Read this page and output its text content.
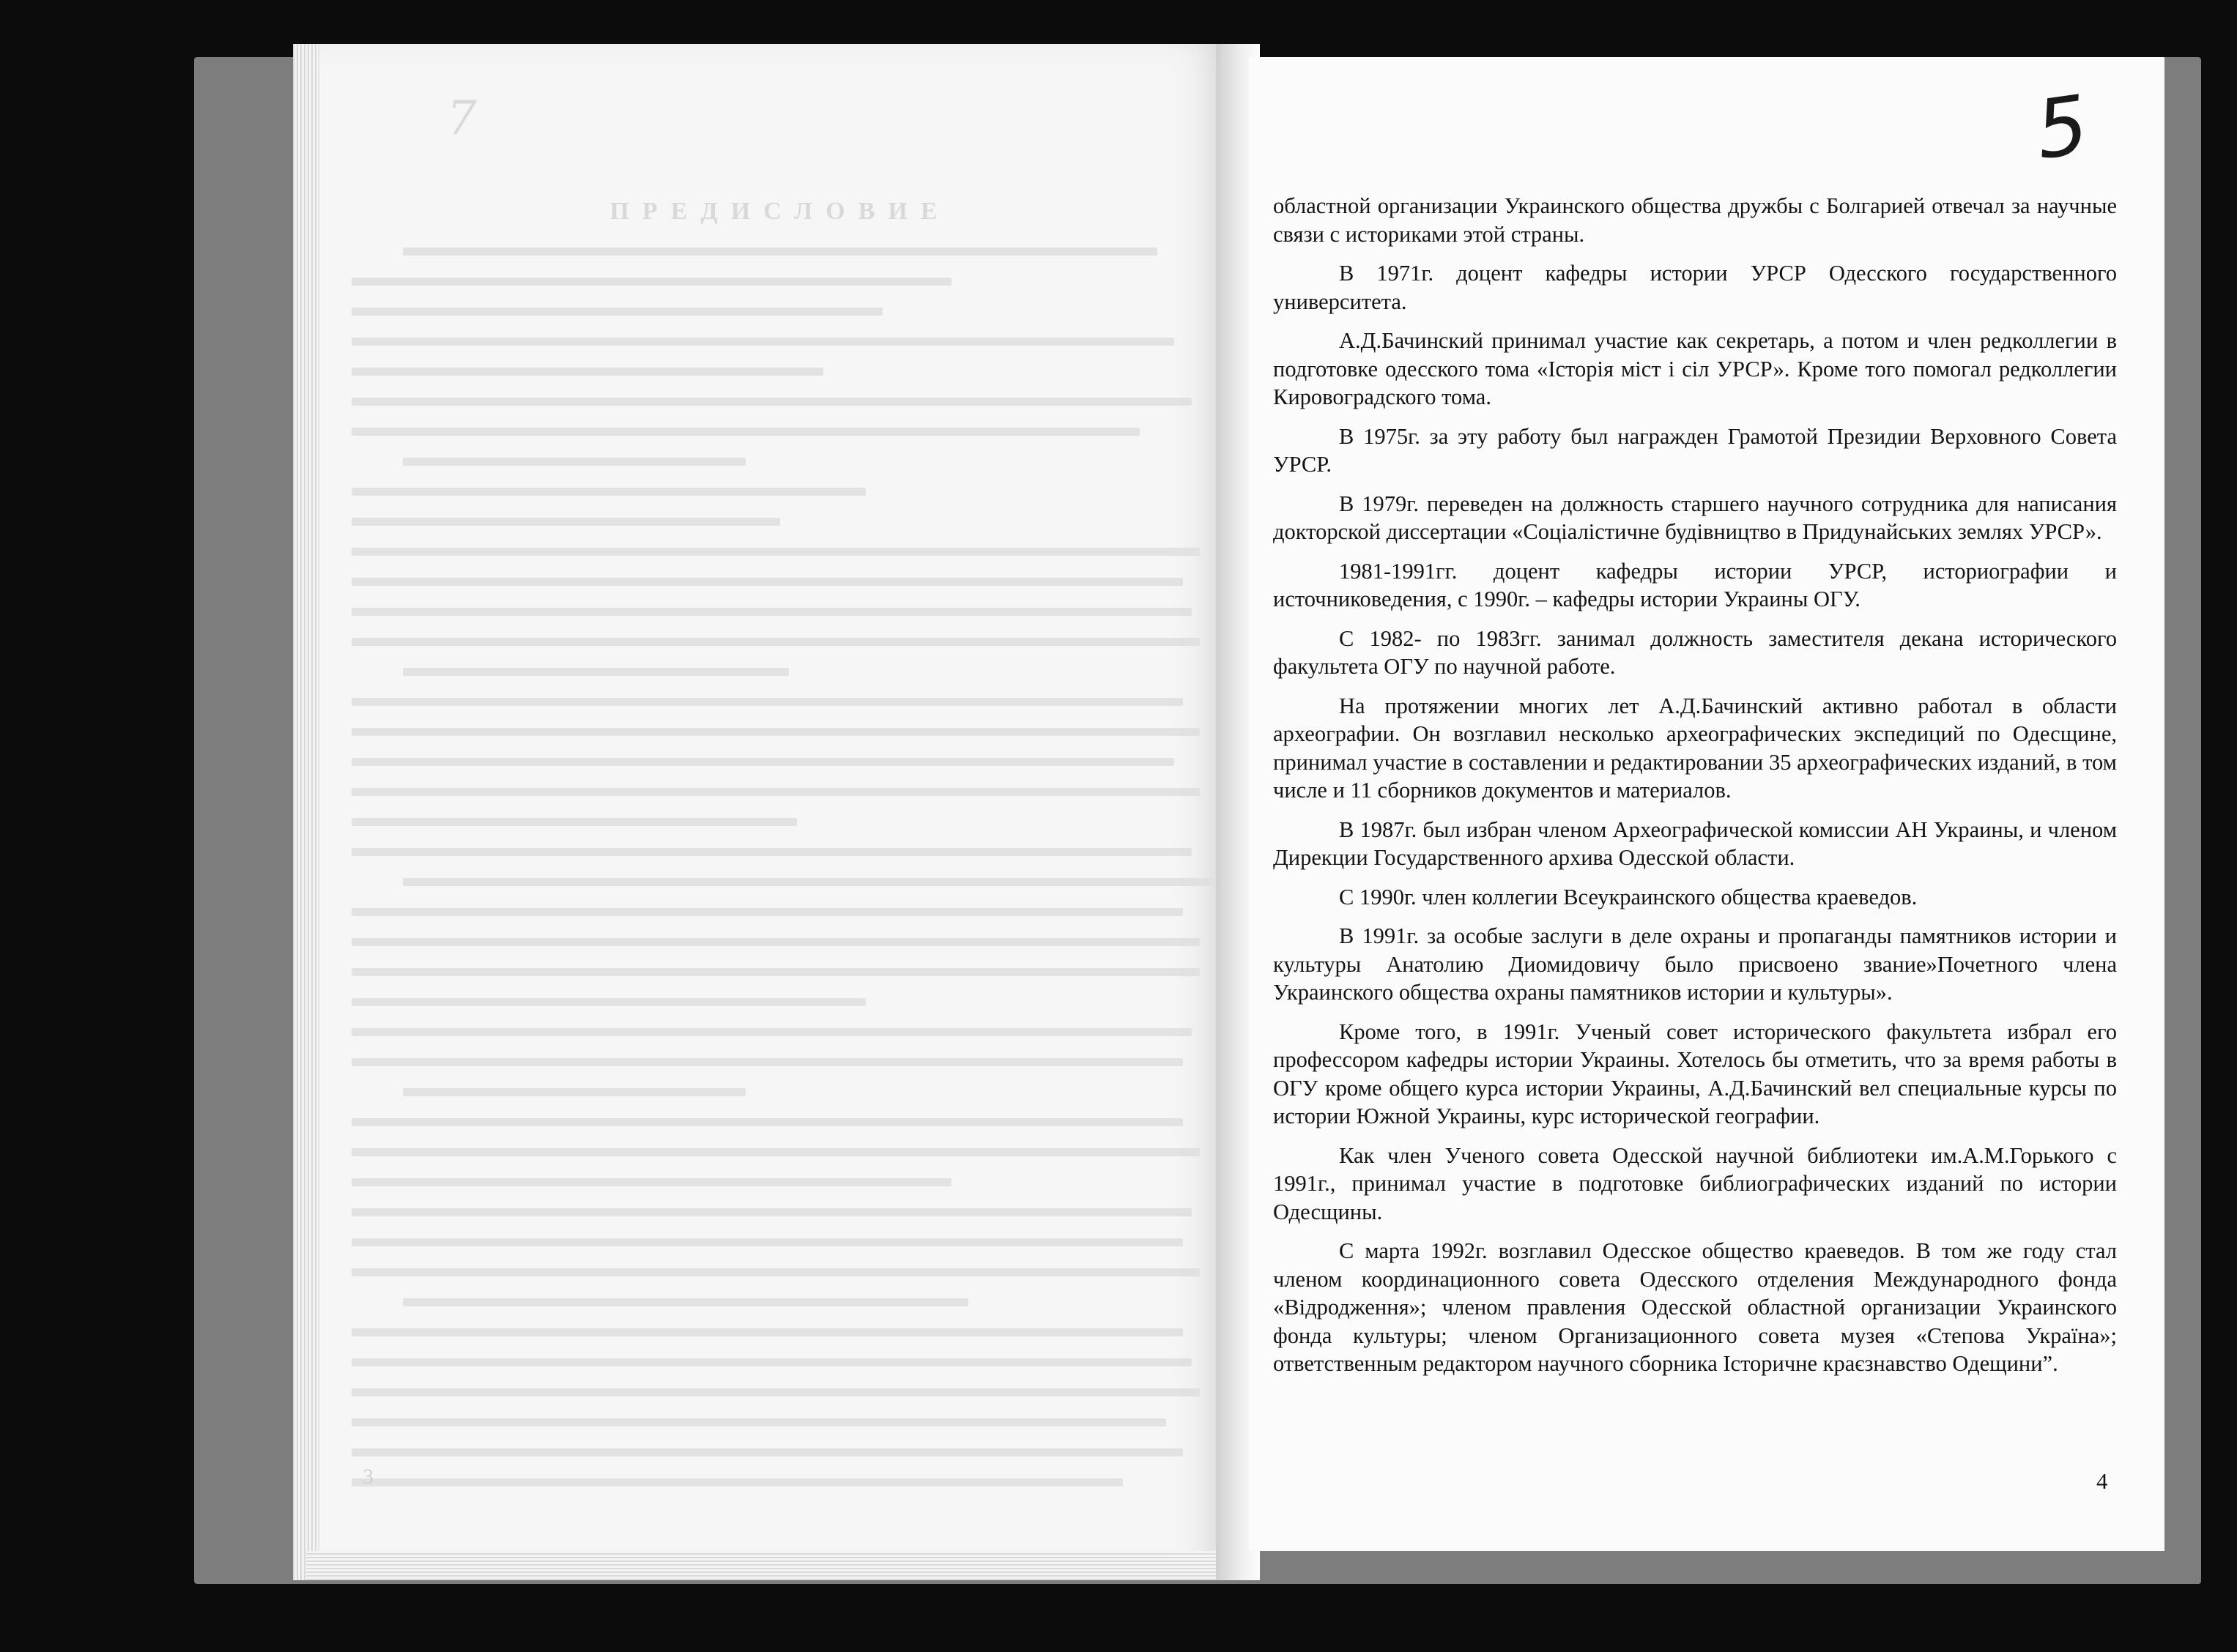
ПРЕДИСЛОВИЕ
7
3
5

областной организации Украинского общества дружбы с Болгарией отвечал за научные связи с историками этой страны.

В 1971г. доцент кафедры истории УРСР Одесского государственного университета.

А.Д.Бачинский принимал участие как секретарь, а потом и член редколлегии в подготовке одесского тома «Історія міст і сіл УРСР». Кроме того помогал редколлегии Кировоградского тома.

В 1975г. за эту работу был награжден Грамотой Президии Верховного Совета УРСР.

В 1979г. переведен на должность старшего научного сотрудника для написания докторской диссертации «Соціалістичне будівництво в Придунайських землях УРСР».

1981-1991гг. доцент кафедры истории УРСР, историографии и источниковедения, с 1990г. – кафедры истории Украины ОГУ.

С 1982- по 1983гг. занимал должность заместителя декана исторического факультета ОГУ по научной работе.

На протяжении многих лет А.Д.Бачинский активно работал в области археографии. Он возглавил несколько археографических экспедиций по Одесщине, принимал участие в составлении и редактировании 35 археографических изданий, в том числе и 11 сборников документов и материалов.

В 1987г. был избран членом Археографической комиссии АН Украины, и членом Дирекции Государственного архива Одесской области.

С 1990г. член коллегии Всеукраинского общества краеведов.

В 1991г. за особые заслуги в деле охраны и пропаганды памятников истории и культуры Анатолию Диомидовичу было присвоено звание»Почетного члена Украинского общества охраны памятников истории и культуры».

Кроме того, в 1991г. Ученый совет исторического факультета избрал его профессором кафедры истории Украины. Хотелось бы отметить, что за время работы в ОГУ кроме общего курса истории Украины, А.Д.Бачинский вел специальные курсы по истории Южной Украины, курс исторической географии.

Как член Ученого совета Одесской научной библиотеки им.А.М.Горького с 1991г., принимал участие в подготовке библиографических изданий по истории Одесщины.

С марта 1992г. возглавил Одесское общество краеведов. В том же году стал членом координационного совета Одесского отделения Международного фонда «Відродження»; членом правления Одесской областной организации Украинского фонда культуры; членом Организационного совета музея «Степова Україна»; ответственным редактором научного сборника Історичне краєзнавство Одещини”.

4
